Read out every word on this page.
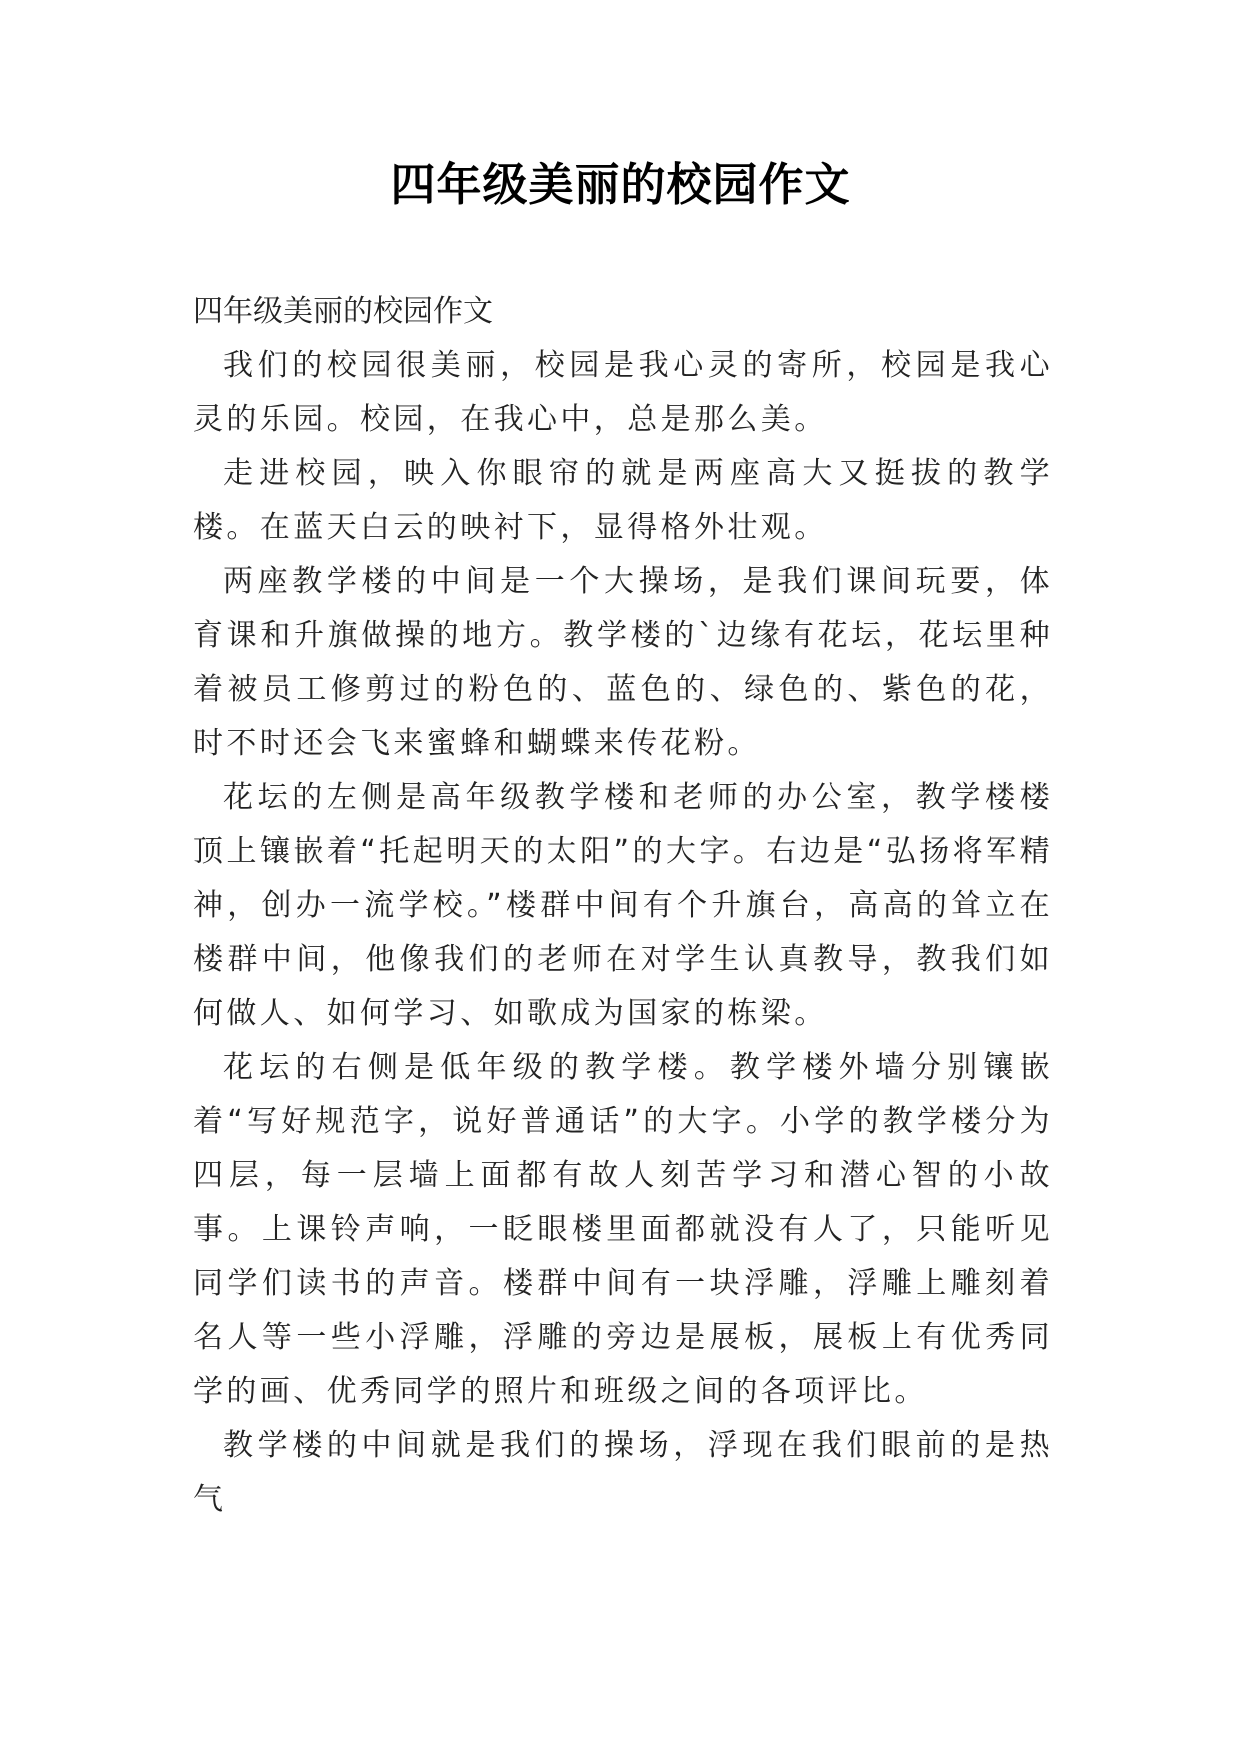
四年级美丽的校园作文

四年级美丽的校园作文

我们的校园很美丽，校园是我心灵的寄所，校园是我心灵的乐园。校园，在我心中，总是那么美。

走进校园，映入你眼帘的就是两座高大又挺拔的教学楼。在蓝天白云的映衬下，显得格外壮观。

两座教学楼的中间是一个大操场，是我们课间玩要，体育课和升旗做操的地方。教学楼的`边缘有花坛，花坛里种着被员工修剪过的粉色的、蓝色的、绿色的、紫色的花，时不时还会飞来蜜蜂和蝴蝶来传花粉。

花坛的左侧是高年级教学楼和老师的办公室，教学楼楼顶上镶嵌着“托起明天的太阳”的大字。右边是“弘扬将军精神，创办一流学校。”楼群中间有个升旗台，高高的耸立在楼群中间，他像我们的老师在对学生认真教导，教我们如何做人、如何学习、如歌成为国家的栋梁。

花坛的右侧是低年级的教学楼。教学楼外墙分别镶嵌着“写好规范字，说好普通话”的大字。小学的教学楼分为四层，每一层墙上面都有故人刻苦学习和潜心智的小故事。上课铃声响，一眨眼楼里面都就没有人了，只能听见同学们读书的声音。楼群中间有一块浮雕，浮雕上雕刻着名人等一些小浮雕，浮雕的旁边是展板，展板上有优秀同学的画、优秀同学的照片和班级之间的各项评比。

教学楼的中间就是我们的操场，浮现在我们眼前的是热气
